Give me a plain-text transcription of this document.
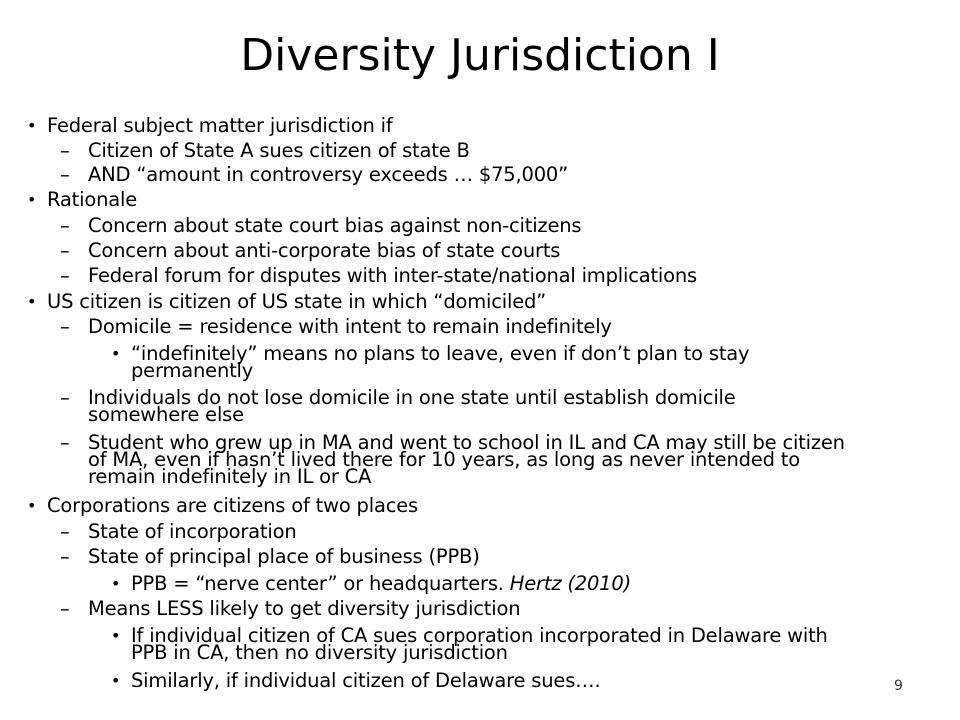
Diversity Jurisdiction I
• Federal subject matter jurisdiction if
– Citizen of State A sues citizen of state B
– AND “amount in controversy exceeds … $75,000”
• Rationale
– Concern about state court bias against non-citizens
– Concern about anti-corporate bias of state courts
– Federal forum for disputes with inter-state/national implications
• US citizen is citizen of US state in which “domiciled”
– Domicile = residence with intent to remain indefinitely
• “indefinitely” means no plans to leave, even if don’t plan to stay
permanently
– Individuals do not lose domicile in one state until establish domicile
somewhere else
– Student who grew up in MA and went to school in IL and CA may still be citizen
of MA, even if hasn’t lived there for 10 years, as long as never intended to
remain indefinitely in IL or CA
• Corporations are citizens of two places
– State of incorporation
– State of principal place of business (PPB)
• PPB = “nerve center” or headquarters. Hertz (2010)
– Means LESS likely to get diversity jurisdiction
• If individual citizen of CA sues corporation incorporated in Delaware with
PPB in CA, then no diversity jurisdiction
• Similarly, if individual citizen of Delaware sues….	9
